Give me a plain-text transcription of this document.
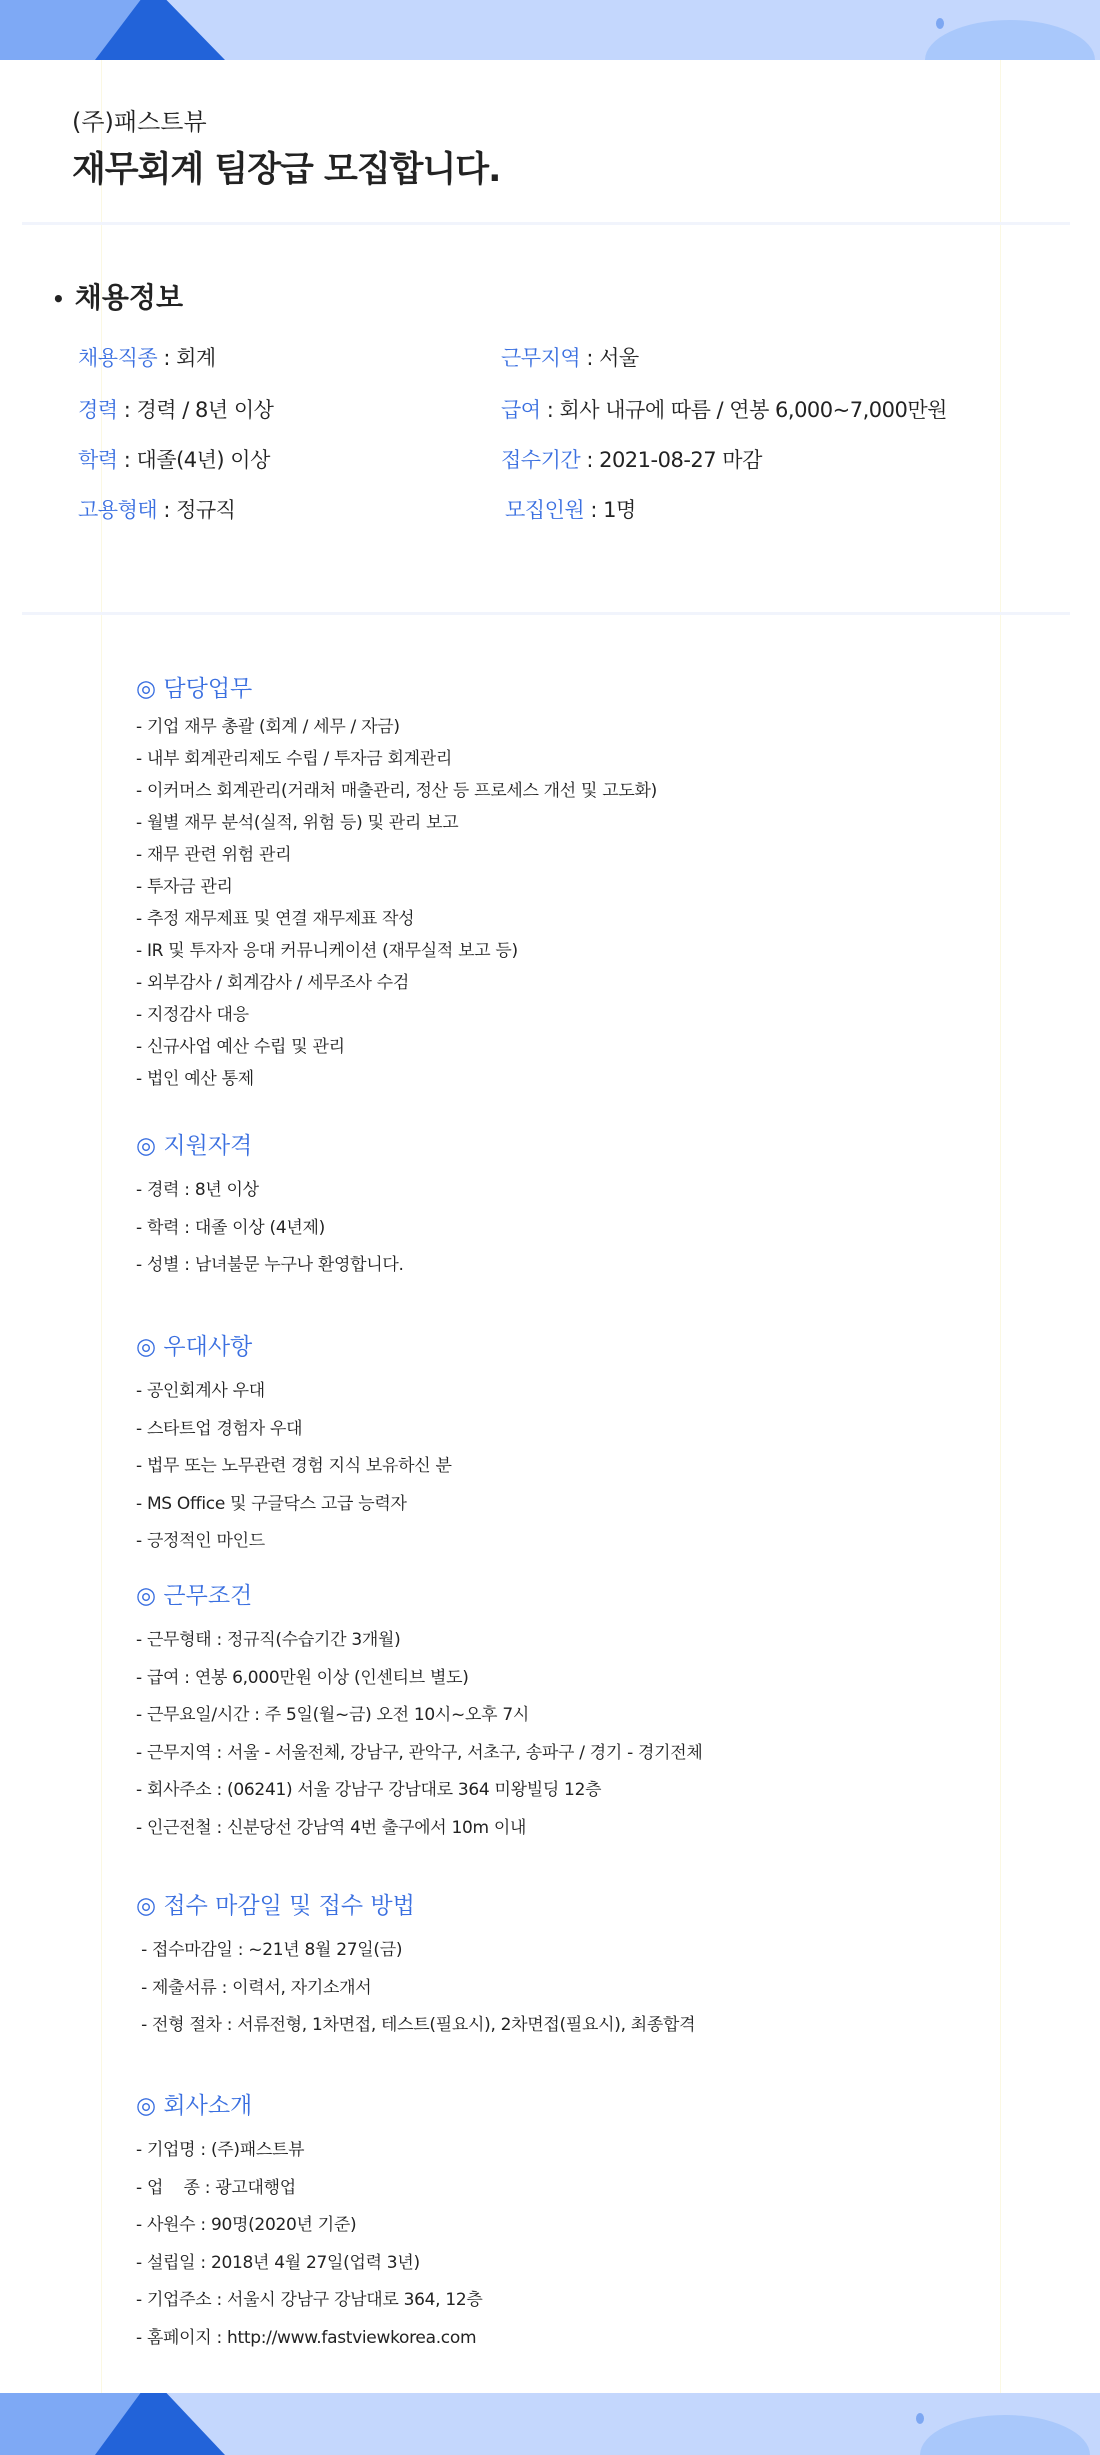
(주)패스트뷰
재무회계 팀장급 모집합니다.
• 채용정보
채용직종 : 회계
경력 : 경력 / 8년 이상
학력 : 대졸(4년) 이상
고용형태 : 정규직
근무지역 : 서울
급여 : 회사 내규에 따름 / 연봉 6,000~7,000만원
접수기간 : 2021-08-27 마감
모집인원 : 1명
◎ 담당업무
- 기업 재무 총괄 (회계 / 세무 / 자금)
- 내부 회계관리제도 수립 / 투자금 회계관리
- 이커머스 회계관리(거래처 매출관리, 정산 등 프로세스 개선 및 고도화)
- 월별 재무 분석(실적, 위험 등) 및 관리 보고
- 재무 관련 위험 관리
- 투자금 관리
- 추정 재무제표 및 연결 재무제표 작성
- IR 및 투자자 응대 커뮤니케이션 (재무실적 보고 등)
- 외부감사 / 회계감사 / 세무조사 수검
- 지정감사 대응
- 신규사업 예산 수립 및 관리
- 법인 예산 통제
◎ 지원자격
- 경력 : 8년 이상
- 학력 : 대졸 이상 (4년제)
- 성별 : 남녀불문 누구나 환영합니다.
◎ 우대사항
- 공인회계사 우대
- 스타트업 경험자 우대
- 법무 또는 노무관련 경험 지식 보유하신 분
- MS Office 및 구글닥스 고급 능력자
- 긍정적인 마인드
◎ 근무조건
- 근무형태 : 정규직(수습기간 3개월)
- 급여 : 연봉 6,000만원 이상 (인센티브 별도)
- 근무요일/시간 : 주 5일(월~금) 오전 10시~오후 7시
- 근무지역 : 서울 - 서울전체, 강남구, 관악구, 서초구, 송파구 / 경기 - 경기전체
- 회사주소 : (06241) 서울 강남구 강남대로 364 미왕빌딩 12층
- 인근전철 : 신분당선 강남역 4번 출구에서 10m 이내
◎ 접수 마감일 및 접수 방법
- 접수마감일 : ~21년 8월 27일(금)
- 제출서류 : 이력서, 자기소개서
- 전형 절차 : 서류전형, 1차면접, 테스트(필요시), 2차면접(필요시), 최종합격
◎ 회사소개
- 기업명 : (주)패스트뷰
- 업    종 : 광고대행업
- 사원수 : 90명(2020년 기준)
- 설립일 : 2018년 4월 27일(업력 3년)
- 기업주소 : 서울시 강남구 강남대로 364, 12층
- 홈페이지 : http://www.fastviewkorea.com
